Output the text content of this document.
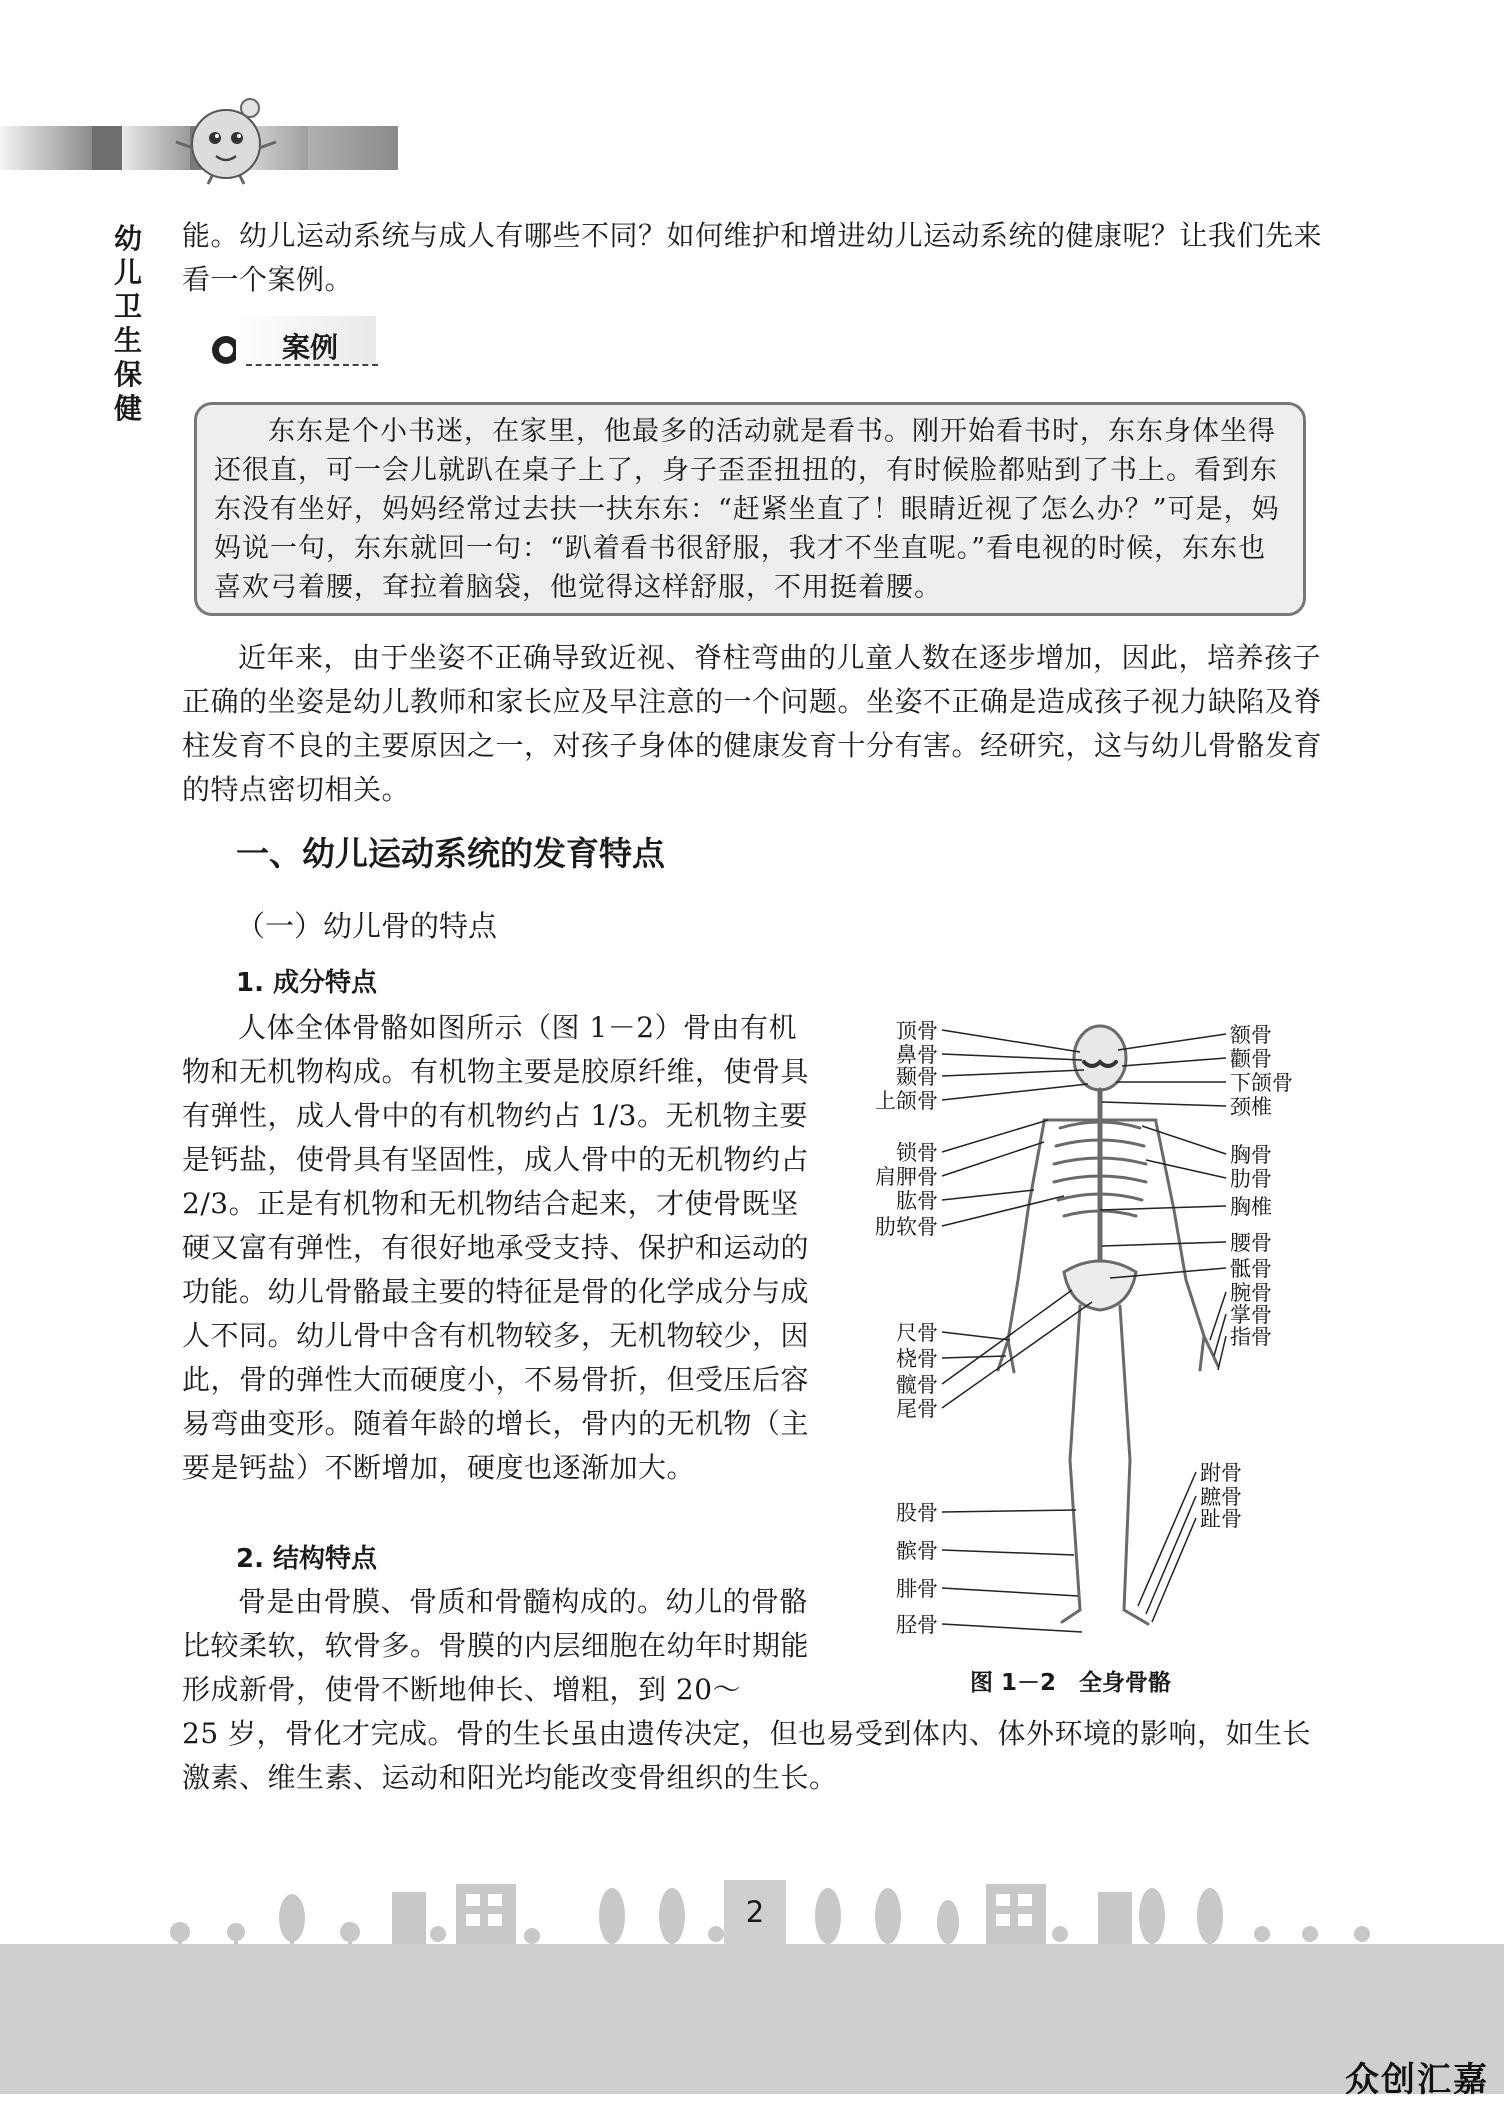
幼
儿
卫
生
保
健
能。幼儿运动系统与成人有哪些不同？如何维护和增进幼儿运动系统的健康呢？让我们先来看一个案例。
案例
东东是个小书迷，在家里，他最多的活动就是看书。刚开始看书时，东东身体坐得还很直，可一会儿就趴在桌子上了，身子歪歪扭扭的，有时候脸都贴到了书上。看到东东没有坐好，妈妈经常过去扶一扶东东：“赶紧坐直了！眼睛近视了怎么办？”可是，妈妈说一句，东东就回一句：“趴着看书很舒服，我才不坐直呢。”看电视的时候，东东也喜欢弓着腰，耷拉着脑袋，他觉得这样舒服，不用挺着腰。
近年来，由于坐姿不正确导致近视、脊柱弯曲的儿童人数在逐步增加，因此，培养孩子正确的坐姿是幼儿教师和家长应及早注意的一个问题。坐姿不正确是造成孩子视力缺陷及脊柱发育不良的主要原因之一，对孩子身体的健康发育十分有害。经研究，这与幼儿骨骼发育的特点密切相关。
一、幼儿运动系统的发育特点
（一）幼儿骨的特点
1. 成分特点
人体全体骨骼如图所示（图 1－2）骨由有机物和无机物构成。有机物主要是胶原纤维，使骨具有弹性，成人骨中的有机物约占 1/3。无机物主要是钙盐，使骨具有坚固性，成人骨中的无机物约占 2/3。正是有机物和无机物结合起来，才使骨既坚硬又富有弹性，有很好地承受支持、保护和运动的功能。幼儿骨骼最主要的特征是骨的化学成分与成人不同。幼儿骨中含有机物较多，无机物较少，因此，骨的弹性大而硬度小，不易骨折，但受压后容易弯曲变形。随着年龄的增长，骨内的无机物（主要是钙盐）不断增加，硬度也逐渐加大。
2. 结构特点
骨是由骨膜、骨质和骨髓构成的。幼儿的骨骼比较柔软，软骨多。骨膜的内层细胞在幼年时期能形成新骨，使骨不断地伸长、增粗，到 20～
25 岁，骨化才完成。骨的生长虽由遗传决定，但也易受到体内、体外环境的影响，如生长激素、维生素、运动和阳光均能改变骨组织的生长。
顶骨
鼻骨
颞骨
上颌骨
锁骨
肩胛骨
肱骨
肋软骨
尺骨
桡骨
髋骨
尾骨
股骨
髌骨
腓骨
胫骨
额骨
颧骨
下颌骨
颈椎
胸骨
肋骨
胸椎
腰骨
骶骨
腕骨
掌骨
指骨
跗骨
蹠骨
趾骨
图 1－2　全身骨骼
2
众创汇嘉
